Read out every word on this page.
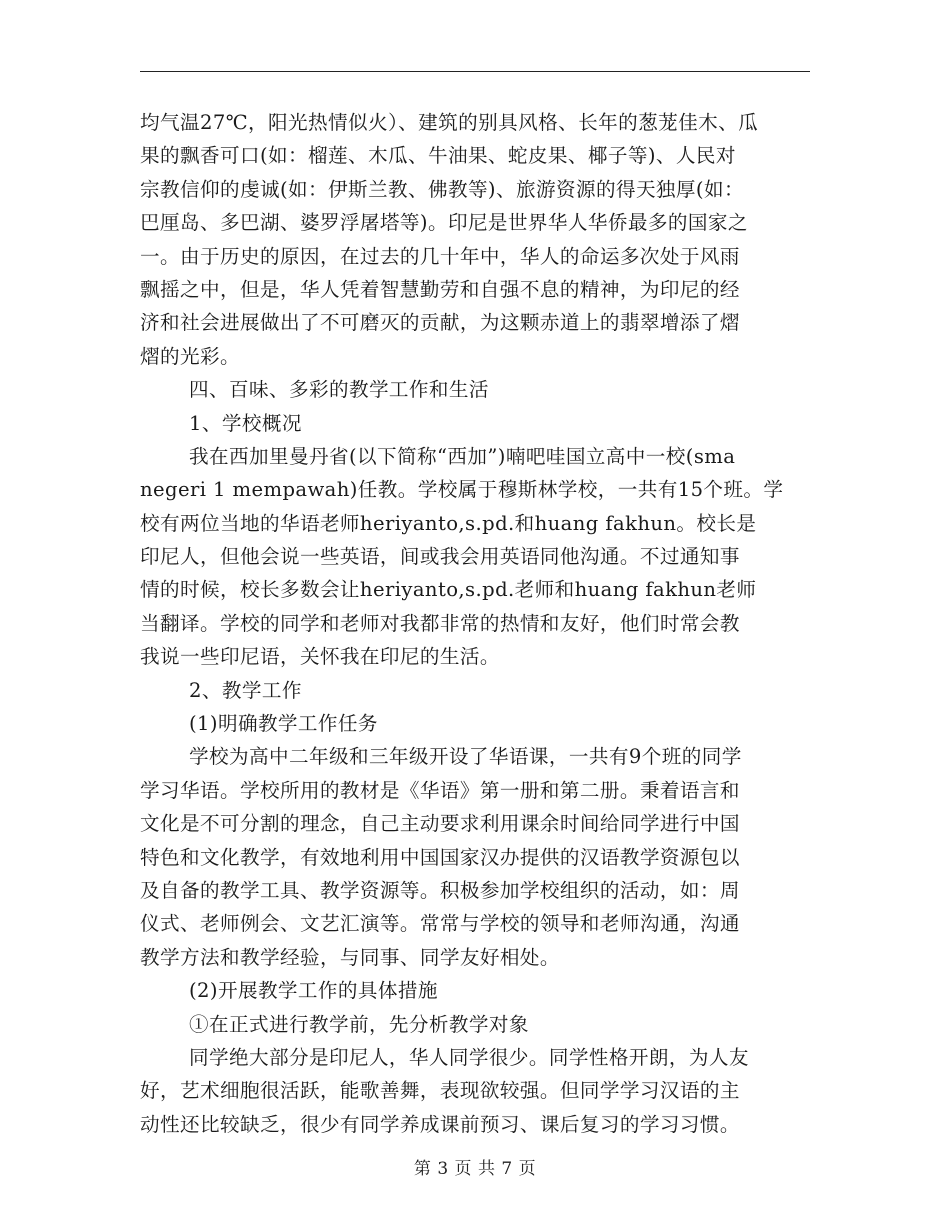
均气温27℃，阳光热情似火）、建筑的别具风格、长年的葱茏佳木、瓜
果的飘香可口(如：榴莲、木瓜、牛油果、蛇皮果、椰子等)、人民对
宗教信仰的虔诚(如：伊斯兰教、佛教等)、旅游资源的得天独厚(如：
巴厘岛、多巴湖、婆罗浮屠塔等)。印尼是世界华人华侨最多的国家之
一。由于历史的原因，在过去的几十年中，华人的命运多次处于风雨
飘摇之中，但是，华人凭着智慧勤劳和自强不息的精神，为印尼的经
济和社会进展做出了不可磨灭的贡献，为这颗赤道上的翡翠增添了熠
熠的光彩。
四、百味、多彩的教学工作和生活
1、学校概况
我在西加里曼丹省(以下简称“西加”)喃吧哇国立高中一校(sma
negeri 1 mempawah)任教。学校属于穆斯林学校，一共有15个班。学
校有两位当地的华语老师heriyanto,s.pd.和huang fakhun。校长是
印尼人，但他会说一些英语，间或我会用英语同他沟通。不过通知事
情的时候，校长多数会让heriyanto,s.pd.老师和huang fakhun老师
当翻译。学校的同学和老师对我都非常的热情和友好，他们时常会教
我说一些印尼语，关怀我在印尼的生活。
2、教学工作
(1)明确教学工作任务
学校为高中二年级和三年级开设了华语课，一共有9个班的同学
学习华语。学校所用的教材是《华语》第一册和第二册。秉着语言和
文化是不可分割的理念，自己主动要求利用课余时间给同学进行中国
特色和文化教学，有效地利用中国国家汉办提供的汉语教学资源包以
及自备的教学工具、教学资源等。积极参加学校组织的活动，如：周
仪式、老师例会、文艺汇演等。常常与学校的领导和老师沟通，沟通
教学方法和教学经验，与同事、同学友好相处。
(2)开展教学工作的具体措施
①在正式进行教学前，先分析教学对象
同学绝大部分是印尼人，华人同学很少。同学性格开朗，为人友
好，艺术细胞很活跃，能歌善舞，表现欲较强。但同学学习汉语的主
动性还比较缺乏，很少有同学养成课前预习、课后复习的学习习惯。
第 3 页 共 7 页
